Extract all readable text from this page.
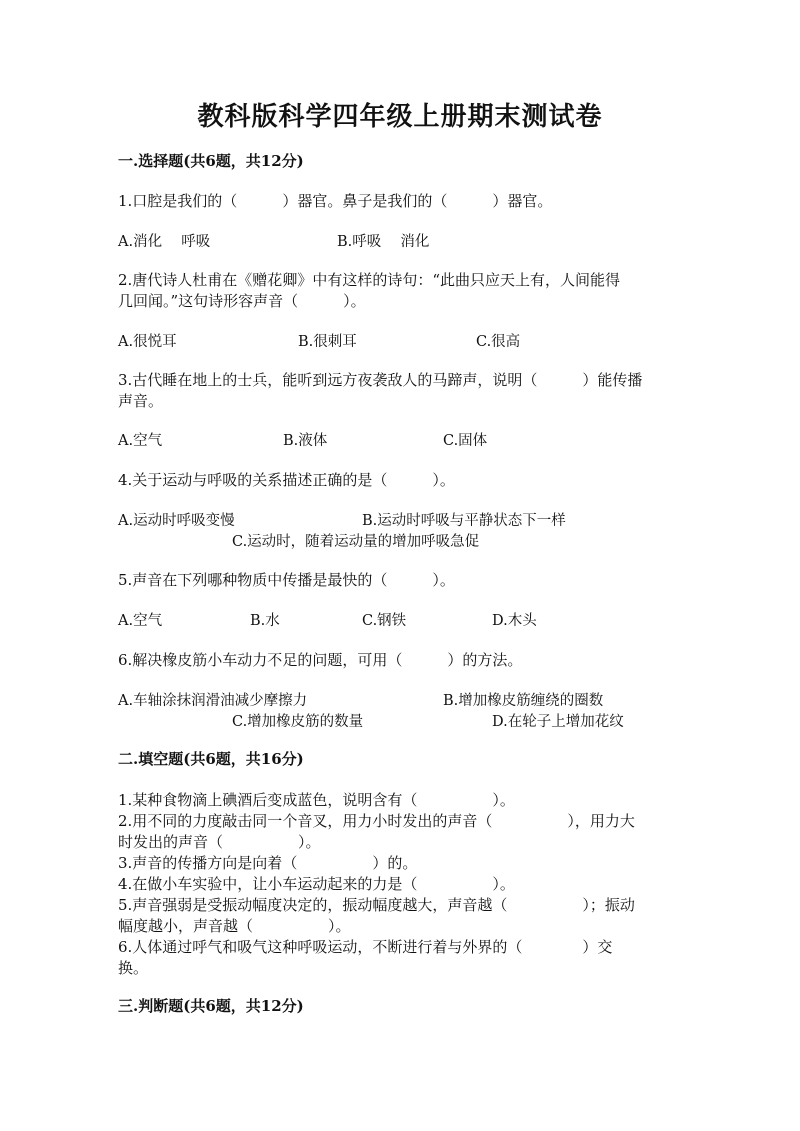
教科版科学四年级上册期末测试卷
一.选择题(共6题，共12分)
1.口腔是我们的（　　　）器官。鼻子是我们的（　　　）器官。
A.消化　 呼吸	B.呼吸　 消化
2.唐代诗人杜甫在《赠花卿》中有这样的诗句：“此曲只应天上有，人间能得
几回闻。”这句诗形容声音（　　　）。
A.很悦耳	B.很刺耳	C.很高
3.古代睡在地上的士兵，能听到远方夜袭敌人的马蹄声，说明（　　　）能传播
声音。
A.空气	B.液体	C.固体
4.关于运动与呼吸的关系描述正确的是（　　　）。
A.运动时呼吸变慢	B.运动时呼吸与平静状态下一样
C.运动时，随着运动量的增加呼吸急促
5.声音在下列哪种物质中传播是最快的（　　　）。
A.空气	B.水	C.钢铁	D.木头
6.解决橡皮筋小车动力不足的问题，可用（　　　）的方法。
A.车轴涂抹润滑油减少摩擦力	B.增加橡皮筋缠绕的圈数
C.增加橡皮筋的数量	D.在轮子上增加花纹
二.填空题(共6题，共16分)
1.某种食物滴上碘酒后变成蓝色，说明含有（　　　　　）。
2.用不同的力度敲击同一个音叉，用力小时发出的声音（　　　　　），用力大
时发出的声音（　　　　　）。
3.声音的传播方向是向着（　　　　　）的。
4.在做小车实验中，让小车运动起来的力是（　　　　　）。
5.声音强弱是受振动幅度决定的，振动幅度越大，声音越（　　　　　）；振动
幅度越小，声音越（　　　　　）。
6.人体通过呼气和吸气这种呼吸运动，不断进行着与外界的（　　　　）交
换。
三.判断题(共6题，共12分)
